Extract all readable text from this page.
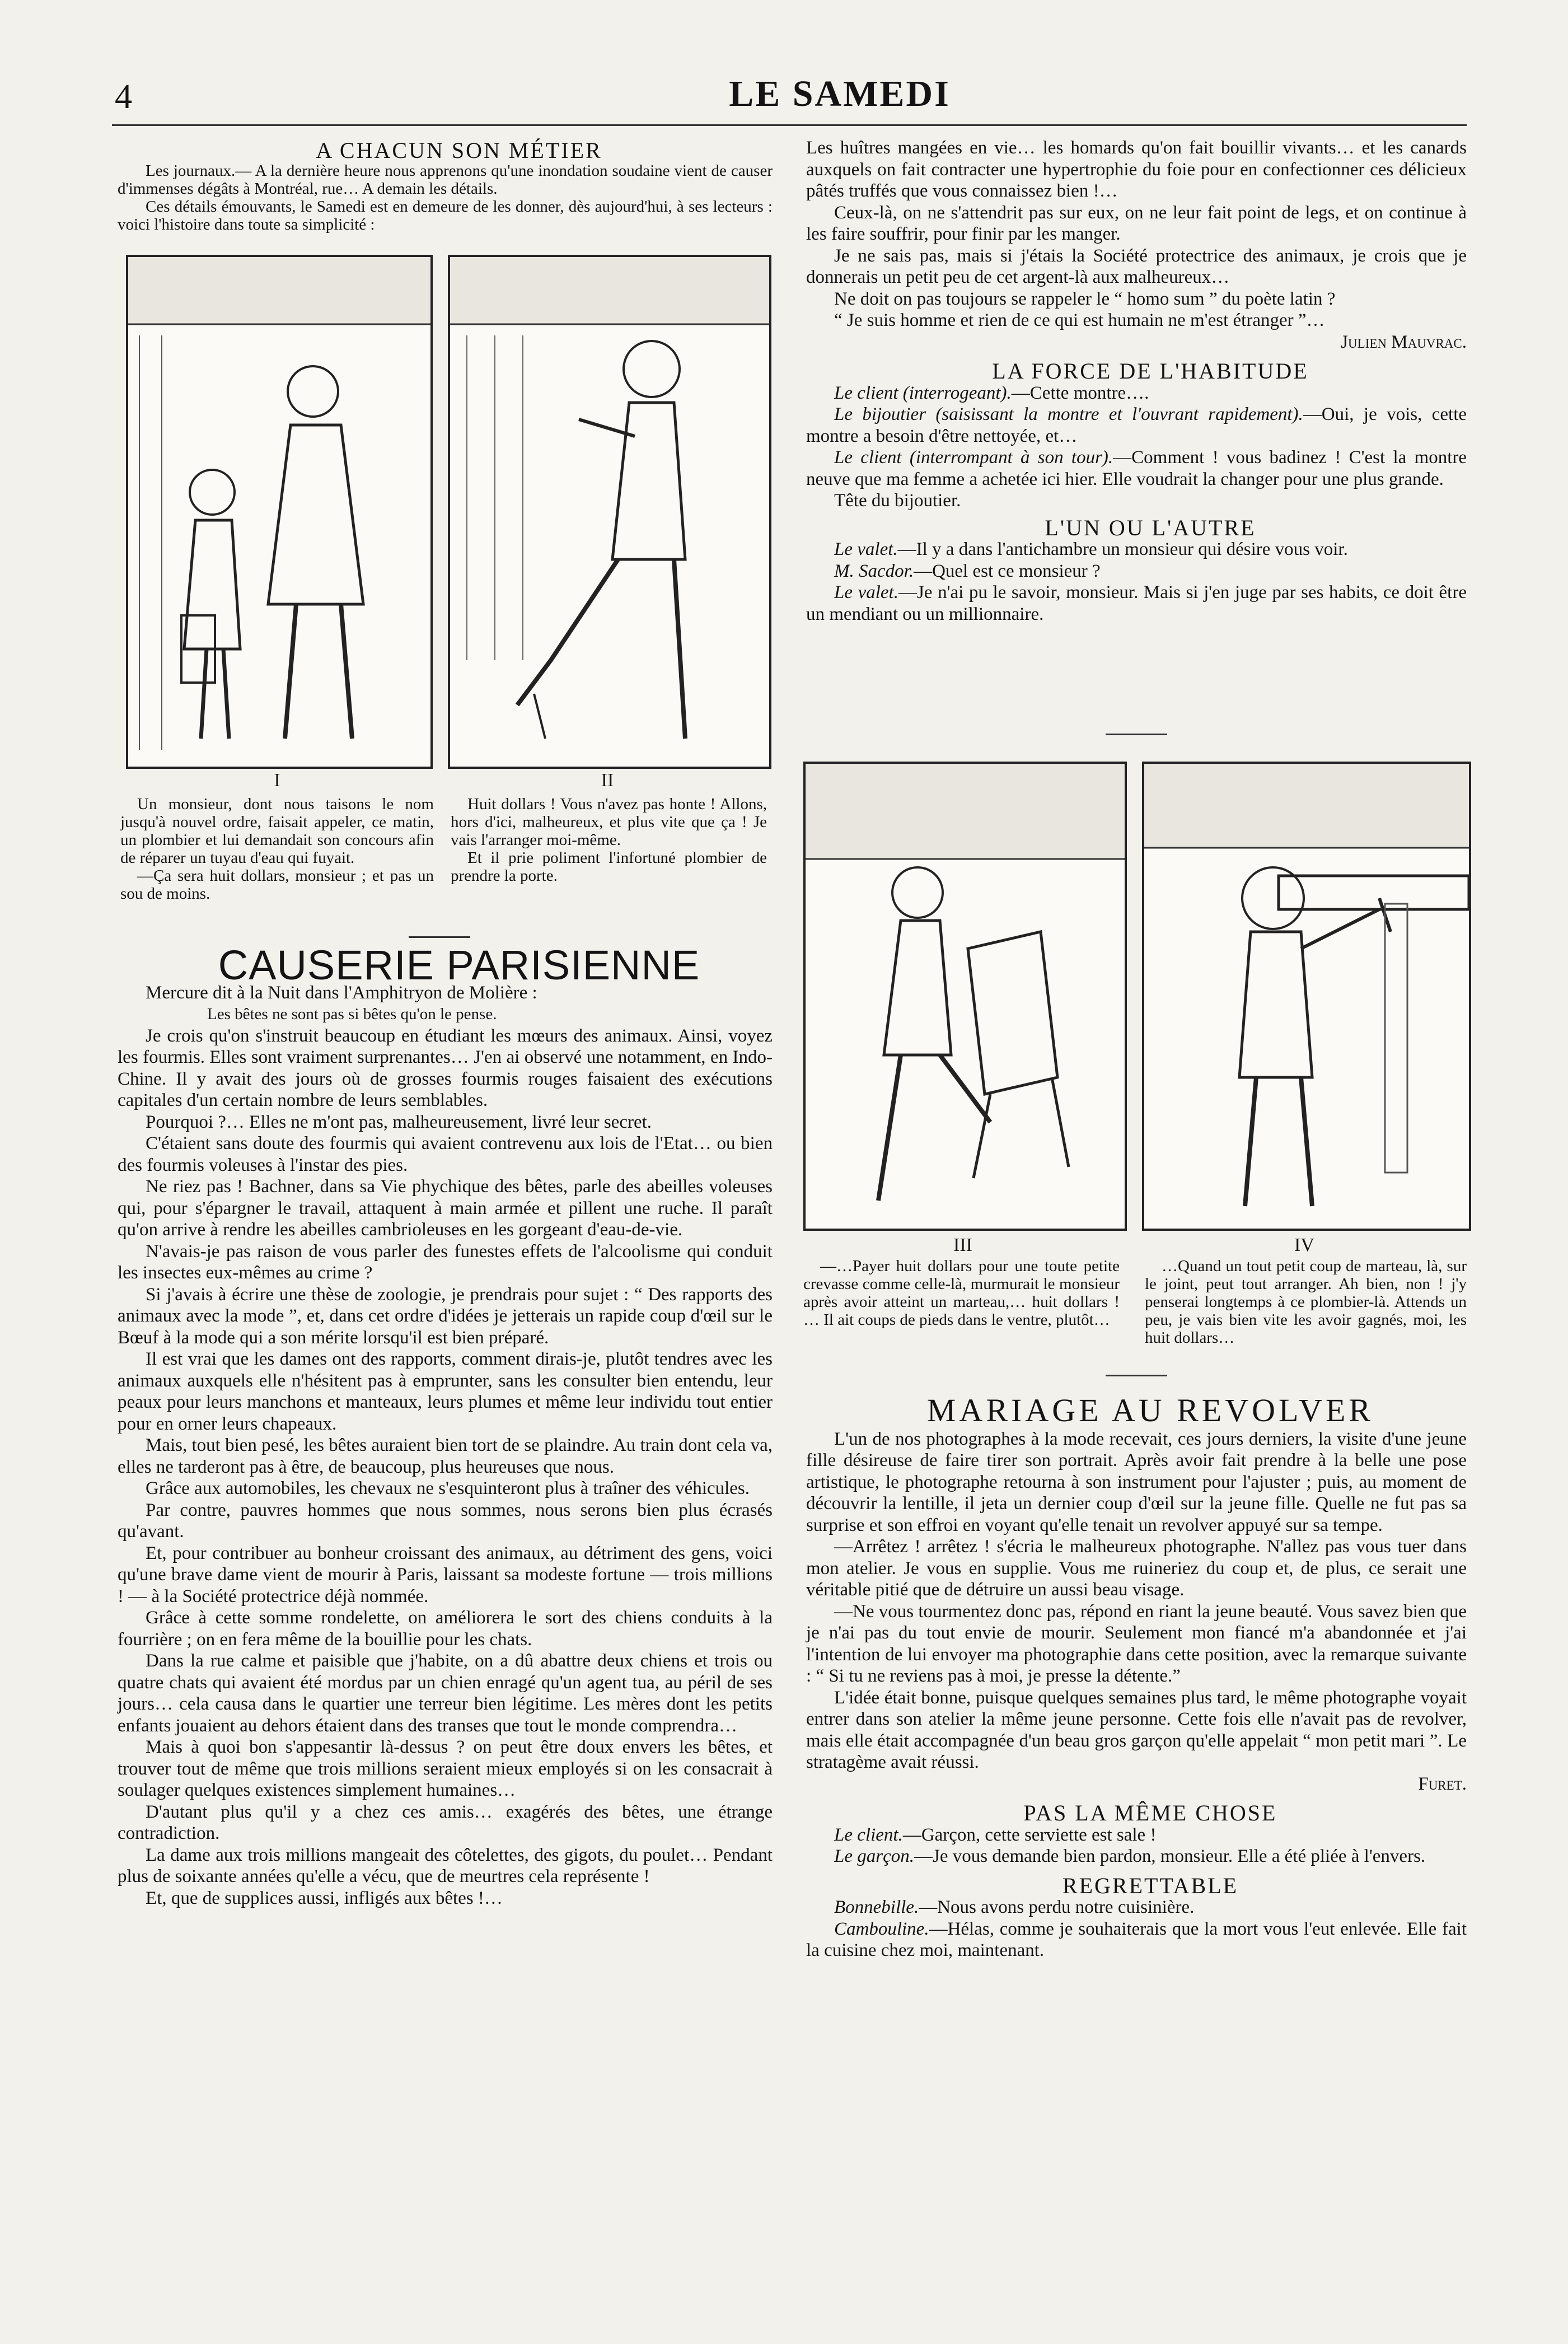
4	LE SAMEDI

A CHACUN SON MÉTIER

Les journaux.— A la dernière heure nous apprenons qu'une inondation soudaine vient de causer d'immenses dégâts à Montréal, rue… A demain les détails.

Ces détails émouvants, le Samedi est en demeure de les donner, dès aujourd'hui, à ses lecteurs : voici l'histoire dans toute sa simplicité :

I	II

Un monsieur, dont nous taisons le nom jusqu'à nouvel ordre, faisait appeler, ce matin, un plombier et lui demandait son concours afin de réparer un tuyau d'eau qui fuyait.

—Ça sera huit dollars, monsieur ; et pas un sou de moins.

Huit dollars ! Vous n'avez pas honte ! Allons, hors d'ici, malheureux, et plus vite que ça ! Je vais l'arranger moi-même.

Et il prie poliment l'infortuné plombier de prendre la porte.

CAUSERIE PARISIENNE

Mercure dit à la Nuit dans l'Amphitryon de Molière :

Les bêtes ne sont pas si bêtes qu'on le pense.

Je crois qu'on s'instruit beaucoup en étudiant les mœurs des animaux. Ainsi, voyez les fourmis. Elles sont vraiment surprenantes… J'en ai observé une notamment, en Indo-Chine. Il y avait des jours où de grosses fourmis rouges faisaient des exécutions capitales d'un certain nombre de leurs semblables.

Pourquoi ?… Elles ne m'ont pas, malheureusement, livré leur secret.

C'étaient sans doute des fourmis qui avaient contrevenu aux lois de l'Etat… ou bien des fourmis voleuses à l'instar des pies.

Ne riez pas ! Bachner, dans sa Vie phychique des bêtes, parle des abeilles voleuses qui, pour s'épargner le travail, attaquent à main armée et pillent une ruche. Il paraît qu'on arrive à rendre les abeilles cambrioleuses en les gorgeant d'eau-de-vie.

N'avais-je pas raison de vous parler des funestes effets de l'alcoolisme qui conduit les insectes eux-mêmes au crime ?

Si j'avais à écrire une thèse de zoologie, je prendrais pour sujet : “ Des rapports des animaux avec la mode ”, et, dans cet ordre d'idées je jetterais un rapide coup d'œil sur le Bœuf à la mode qui a son mérite lorsqu'il est bien préparé.

Il est vrai que les dames ont des rapports, comment dirais-je, plutôt tendres avec les animaux auxquels elle n'hésitent pas à emprunter, sans les consulter bien entendu, leur peaux pour leurs manchons et manteaux, leurs plumes et même leur individu tout entier pour en orner leurs chapeaux.

Mais, tout bien pesé, les bêtes auraient bien tort de se plaindre. Au train dont cela va, elles ne tarderont pas à être, de beaucoup, plus heureuses que nous.

Grâce aux automobiles, les chevaux ne s'esquinteront plus à traîner des véhicules.

Par contre, pauvres hommes que nous sommes, nous serons bien plus écrasés qu'avant.

Et, pour contribuer au bonheur croissant des animaux, au détriment des gens, voici qu'une brave dame vient de mourir à Paris, laissant sa modeste fortune — trois millions ! — à la Société protectrice déjà nommée.

Grâce à cette somme rondelette, on améliorera le sort des chiens conduits à la fourrière ; on en fera même de la bouillie pour les chats.

Dans la rue calme et paisible que j'habite, on a dû abattre deux chiens et trois ou quatre chats qui avaient été mordus par un chien enragé qu'un agent tua, au péril de ses jours… cela causa dans le quartier une terreur bien légitime. Les mères dont les petits enfants jouaient au dehors étaient dans des transes que tout le monde comprendra…

Mais à quoi bon s'appesantir là-dessus ? on peut être doux envers les bêtes, et trouver tout de même que trois millions seraient mieux employés si on les consacrait à soulager quelques existences simplement humaines…

D'autant plus qu'il y a chez ces amis… exagérés des bêtes, une étrange contradiction.

La dame aux trois millions mangeait des côtelettes, des gigots, du poulet… Pendant plus de soixante années qu'elle a vécu, que de meurtres cela représente !

Et, que de supplices aussi, infligés aux bêtes !…

Les huîtres mangées en vie… les homards qu'on fait bouillir vivants… et les canards auxquels on fait contracter une hypertrophie du foie pour en confectionner ces délicieux pâtés truffés que vous connaissez bien !…

Ceux-là, on ne s'attendrit pas sur eux, on ne leur fait point de legs, et on continue à les faire souffrir, pour finir par les manger.

Je ne sais pas, mais si j'étais la Société protectrice des animaux, je crois que je donnerais un petit peu de cet argent-là aux malheureux…

Ne doit on pas toujours se rappeler le “ homo sum ” du poète latin ?

“ Je suis homme et rien de ce qui est humain ne m'est étranger ”…

Julien Mauvrac.

LA FORCE DE L'HABITUDE

Le client (interrogeant).—Cette montre….

Le bijoutier (saisissant la montre et l'ouvrant rapidement).—Oui, je vois, cette montre a besoin d'être nettoyée, et…

Le client (interrompant à son tour).—Comment ! vous badinez ! C'est la montre neuve que ma femme a achetée ici hier. Elle voudrait la changer pour une plus grande.

Tête du bijoutier.

L'UN OU L'AUTRE

Le valet.—Il y a dans l'antichambre un monsieur qui désire vous voir.

M. Sacdor.—Quel est ce monsieur ?

Le valet.—Je n'ai pu le savoir, monsieur. Mais si j'en juge par ses habits, ce doit être un mendiant ou un millionnaire.

III	IV

—…Payer huit dollars pour une toute petite crevasse comme celle-là, murmurait le monsieur après avoir atteint un marteau,… huit dollars ! … Il ait coups de pieds dans le ventre, plutôt…

…Quand un tout petit coup de marteau, là, sur le joint, peut tout arranger. Ah bien, non ! j'y penserai longtemps à ce plombier-là. Attends un peu, je vais bien vite les avoir gagnés, moi, les huit dollars…

MARIAGE AU REVOLVER

L'un de nos photographes à la mode recevait, ces jours derniers, la visite d'une jeune fille désireuse de faire tirer son portrait. Après avoir fait prendre à la belle une pose artistique, le photographe retourna à son instrument pour l'ajuster ; puis, au moment de découvrir la lentille, il jeta un dernier coup d'œil sur la jeune fille. Quelle ne fut pas sa surprise et son effroi en voyant qu'elle tenait un revolver appuyé sur sa tempe.

—Arrêtez ! arrêtez ! s'écria le malheureux photographe. N'allez pas vous tuer dans mon atelier. Je vous en supplie. Vous me ruineriez du coup et, de plus, ce serait une véritable pitié que de détruire un aussi beau visage.

—Ne vous tourmentez donc pas, répond en riant la jeune beauté. Vous savez bien que je n'ai pas du tout envie de mourir. Seulement mon fiancé m'a abandonnée et j'ai l'intention de lui envoyer ma photographie dans cette position, avec la remarque suivante : “ Si tu ne reviens pas à moi, je presse la détente.”

L'idée était bonne, puisque quelques semaines plus tard, le même photographe voyait entrer dans son atelier la même jeune personne. Cette fois elle n'avait pas de revolver, mais elle était accompagnée d'un beau gros garçon qu'elle appelait “ mon petit mari ”. Le stratagème avait réussi.

Furet.

PAS LA MÊME CHOSE

Le client.—Garçon, cette serviette est sale !

Le garçon.—Je vous demande bien pardon, monsieur. Elle a été pliée à l'envers.

REGRETTABLE

Bonnebille.—Nous avons perdu notre cuisinière.

Cambouline.—Hélas, comme je souhaiterais que la mort vous l'eut enlevée. Elle fait la cuisine chez moi, maintenant.
